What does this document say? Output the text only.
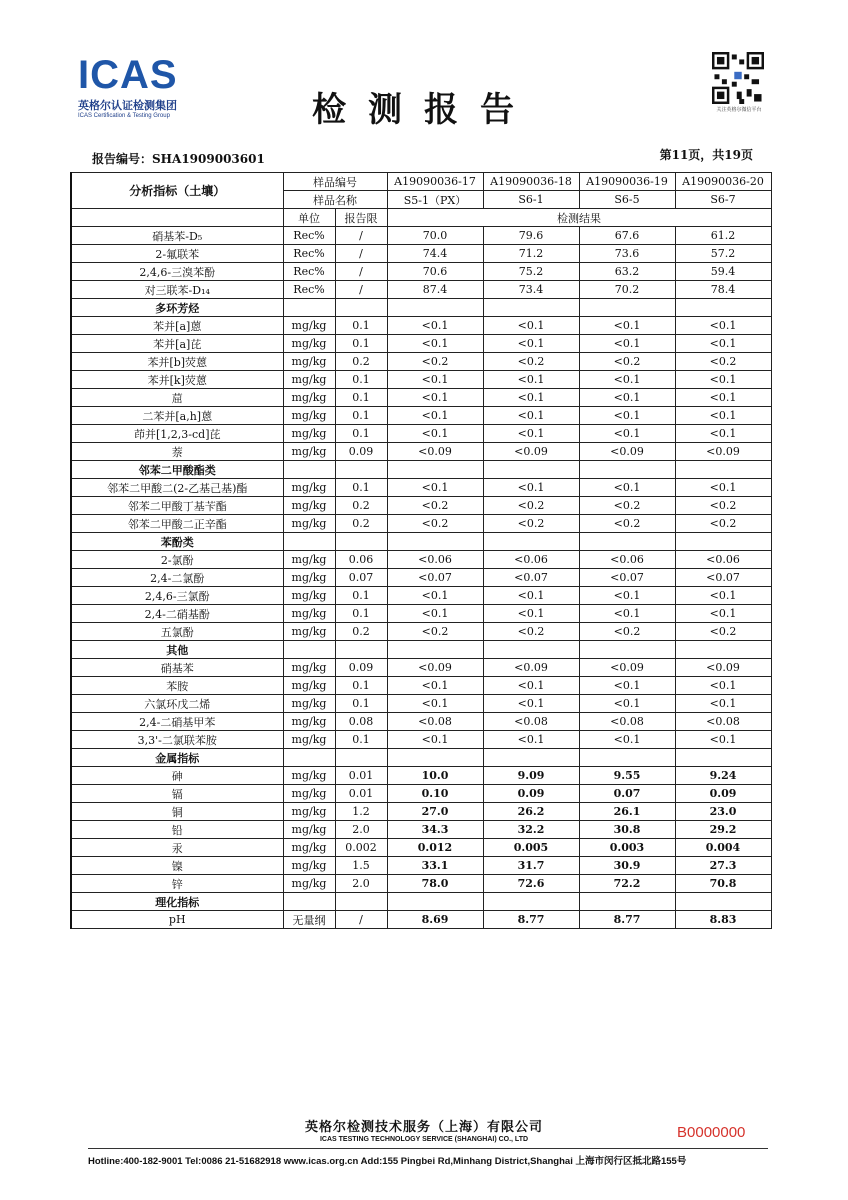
ICAS
英格尔认证检测集团
ICAS Certification & Testing Group	检测报告	关注英格尔微信平台
报告编号：SHA1909003601	第11页，共19页
分析指标（土壤）	样品编号		A19090036-17	A19090036-18	A19090036-19	A19090036-20
	样品名称		S5-1（PX）	S6-1	S6-5	S6-7
	单位	报告限	检测结果			
硝基苯-D₅	Rec%	/	70.0	79.6	67.6	61.2
2-氟联苯	Rec%	/	74.4	71.2	73.6	57.2
2,4,6-三溴苯酚	Rec%	/	70.6	75.2	63.2	59.4
对三联苯-D₁₄	Rec%	/	87.4	73.4	70.2	78.4
多环芳烃						
苯并[a]蒽	mg/kg	0.1	<0.1	<0.1	<0.1	<0.1
苯并[a]芘	mg/kg	0.1	<0.1	<0.1	<0.1	<0.1
苯并[b]荧蒽	mg/kg	0.2	<0.2	<0.2	<0.2	<0.2
苯并[k]荧蒽	mg/kg	0.1	<0.1	<0.1	<0.1	<0.1
䓛	mg/kg	0.1	<0.1	<0.1	<0.1	<0.1
二苯并[a,h]蒽	mg/kg	0.1	<0.1	<0.1	<0.1	<0.1
茚并[1,2,3-cd]芘	mg/kg	0.1	<0.1	<0.1	<0.1	<0.1
萘	mg/kg	0.09	<0.09	<0.09	<0.09	<0.09
邻苯二甲酸酯类						
邻苯二甲酸二(2-乙基己基)酯	mg/kg	0.1	<0.1	<0.1	<0.1	<0.1
邻苯二甲酸丁基苄酯	mg/kg	0.2	<0.2	<0.2	<0.2	<0.2
邻苯二甲酸二正辛酯	mg/kg	0.2	<0.2	<0.2	<0.2	<0.2
苯酚类						
2-氯酚	mg/kg	0.06	<0.06	<0.06	<0.06	<0.06
2,4-二氯酚	mg/kg	0.07	<0.07	<0.07	<0.07	<0.07
2,4,6-三氯酚	mg/kg	0.1	<0.1	<0.1	<0.1	<0.1
2,4-二硝基酚	mg/kg	0.1	<0.1	<0.1	<0.1	<0.1
五氯酚	mg/kg	0.2	<0.2	<0.2	<0.2	<0.2
其他						
硝基苯	mg/kg	0.09	<0.09	<0.09	<0.09	<0.09
苯胺	mg/kg	0.1	<0.1	<0.1	<0.1	<0.1
六氯环戊二烯	mg/kg	0.1	<0.1	<0.1	<0.1	<0.1
2,4-二硝基甲苯	mg/kg	0.08	<0.08	<0.08	<0.08	<0.08
3,3'-二氯联苯胺	mg/kg	0.1	<0.1	<0.1	<0.1	<0.1
金属指标						
砷	mg/kg	0.01	10.0	9.09	9.55	9.24
镉	mg/kg	0.01	0.10	0.09	0.07	0.09
铜	mg/kg	1.2	27.0	26.2	26.1	23.0
铅	mg/kg	2.0	34.3	32.2	30.8	29.2
汞	mg/kg	0.002	0.012	0.005	0.003	0.004
镍	mg/kg	1.5	33.1	31.7	30.9	27.3
锌	mg/kg	2.0	78.0	72.6	72.2	70.8
理化指标						
pH	无量纲	/	8.69	8.77	8.77	8.83
英格尔检测技术服务（上海）有限公司
ICAS TESTING TECHNOLOGY SERVICE (SHANGHAI) CO., LTD	B0000000
Hotline:400-182-9001 Tel:0086 21-51682918 www.icas.org.cn Add:155 Pingbei Rd,Minhang District,Shanghai 上海市闵行区抵北路155号
